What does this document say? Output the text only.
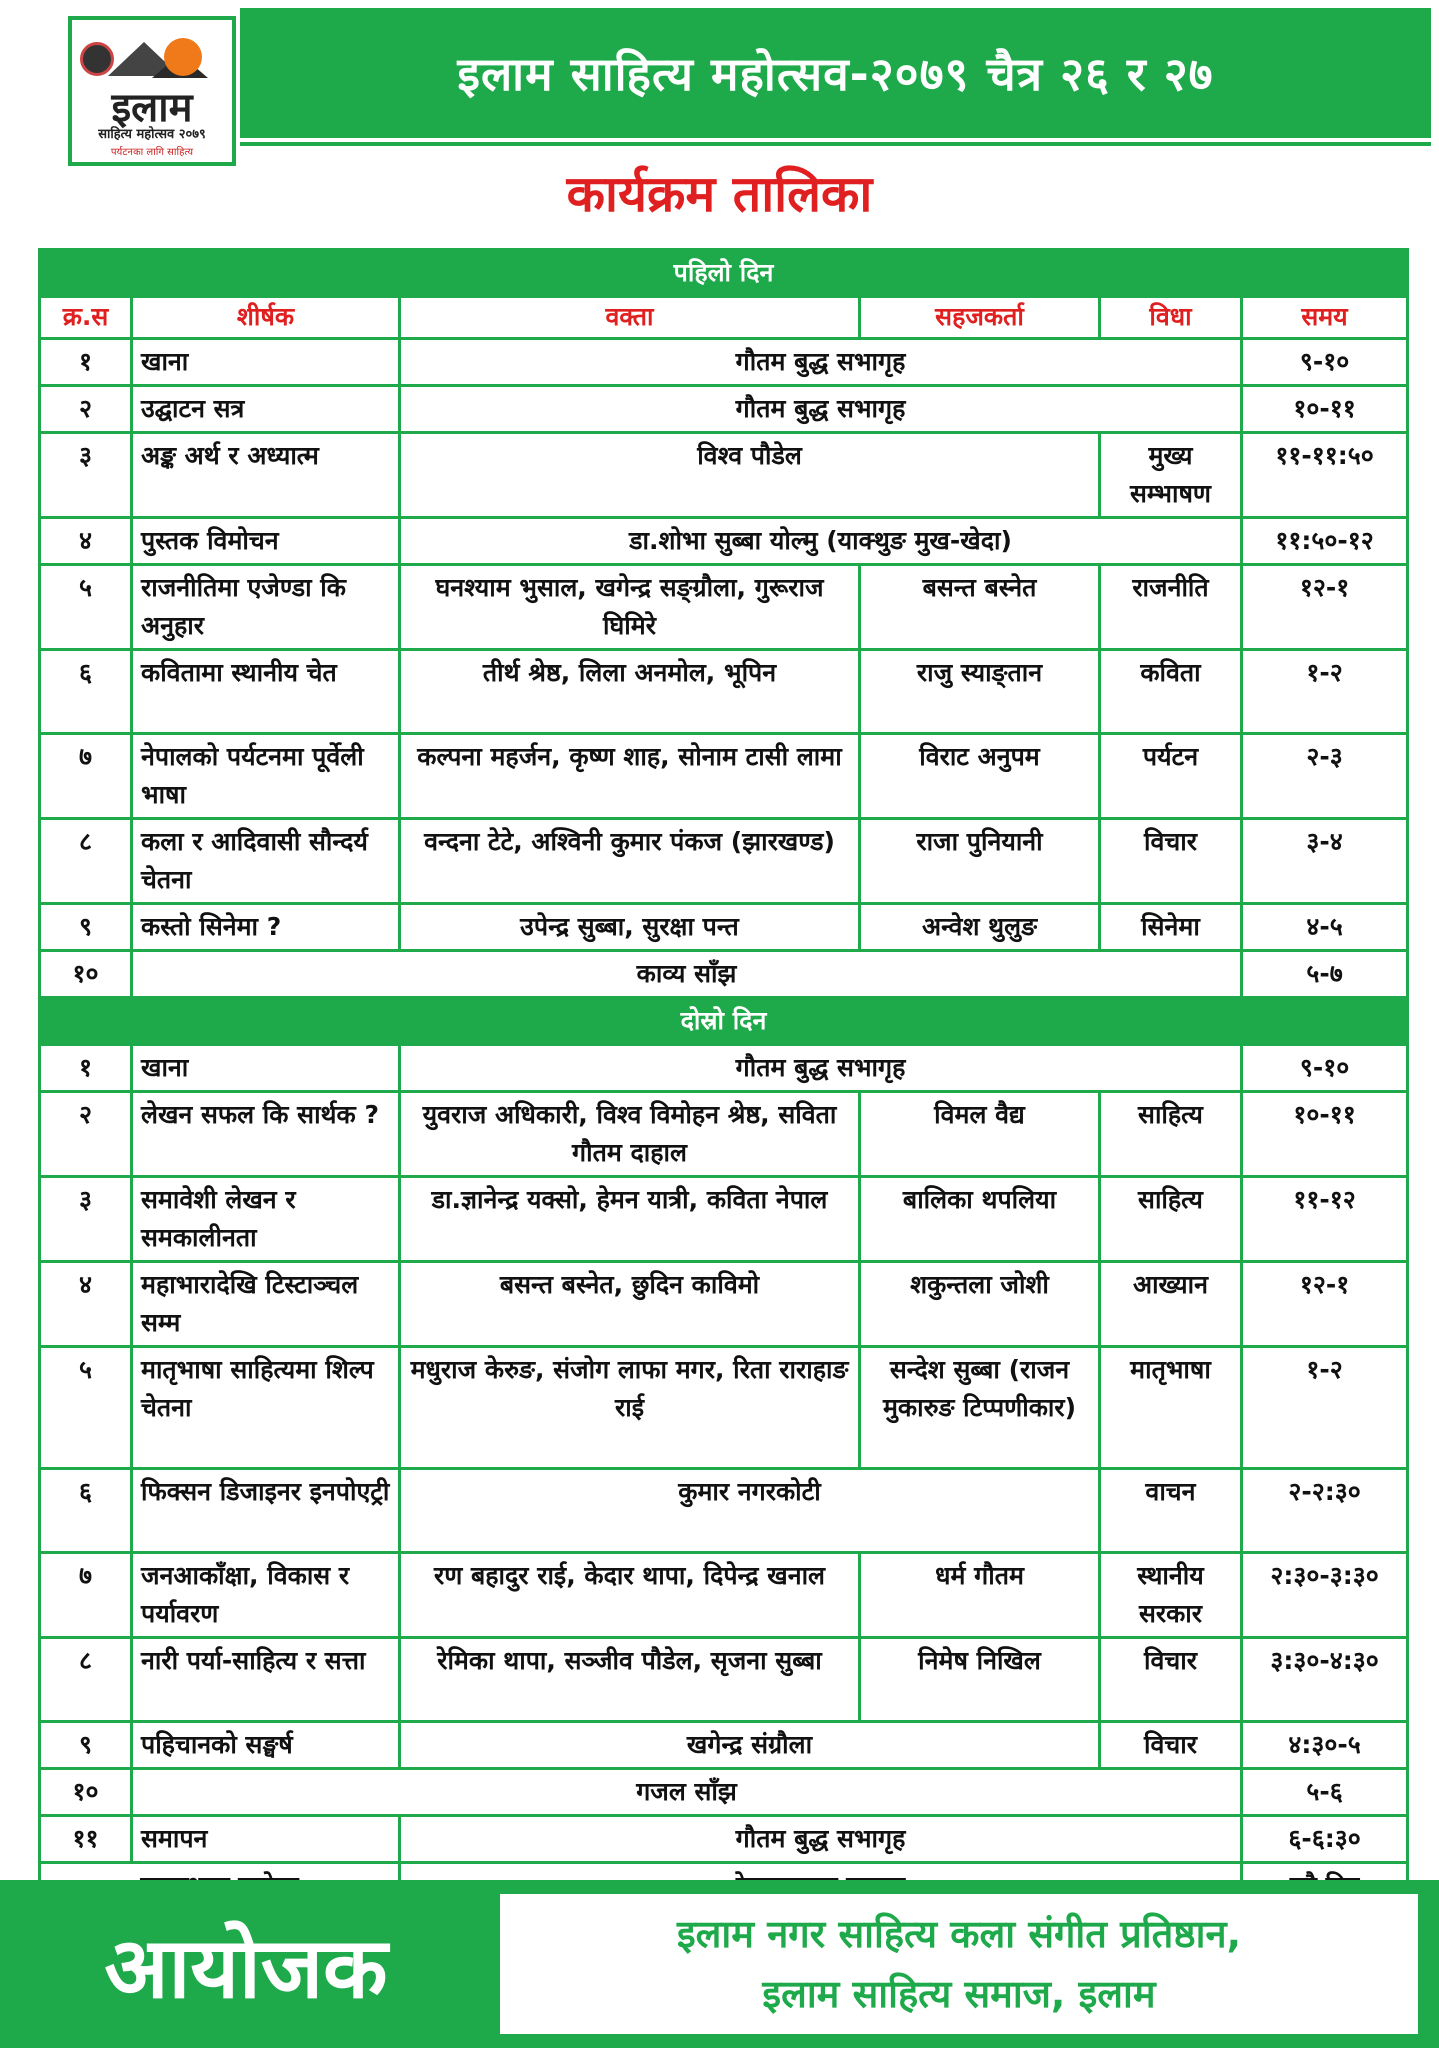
इलाम साहित्य महोत्सव-२०७९ चैत्र २६ र २७
इलाम
साहित्य महोत्सव २०७९
पर्यटनका लागि साहित्य
कार्यक्रम तालिका
पहिलो दिन					
क्र.स	शीर्षक	वक्ता	सहजकर्ता	विधा	समय
१	खाना	गौतम बुद्ध सभागृह			९-१०
२	उद्घाटन सत्र	गौतम बुद्ध सभागृह			१०-११
३	अङ्क अर्थ र अध्यात्म	विश्व पौडेल		मुख्य सम्भाषण	११-११:५०
४	पुस्तक विमोचन	डा.शोभा सुब्बा योल्मु (याक्थुङ मुख-खेदा)			११:५०-१२
५	राजनीतिमा एजेण्डा कि अनुहार	घनश्याम भुसाल, खगेन्द्र सङ्ग्रौला, गुरूराज घिमिरे	बसन्त बस्नेत	राजनीति	१२-१
६	कवितामा स्थानीय चेत	तीर्थ श्रेष्ठ, लिला अनमोल, भूपिन	राजु स्याङ्तान	कविता	१-२
७	नेपालको पर्यटनमा पूर्वेली भाषा	कल्पना महर्जन, कृष्ण शाह, सोनाम टासी लामा	विराट अनुपम	पर्यटन	२-३
८	कला र आदिवासी सौन्दर्य चेतना	वन्दना टेटे, अश्विनी कुमार पंकज (झारखण्ड)	राजा पुनियानी	विचार	३-४
९	कस्तो सिनेमा ?	उपेन्द्र सुब्बा, सुरक्षा पन्त	अन्वेश थुलुङ	सिनेमा	४-५
१०	काव्य साँझ				५-७
दोस्रो दिन					
१	खाना	गौतम बुद्ध सभागृह			९-१०
२	लेखन सफल कि सार्थक ?	युवराज अधिकारी, विश्व विमोहन श्रेष्ठ, सविता गौतम दाहाल	विमल वैद्य	साहित्य	१०-११
३	समावेशी लेखन र समकालीनता	डा.ज्ञानेन्द्र यक्सो, हेमन यात्री, कविता नेपाल	बालिका थपलिया	साहित्य	११-१२
४	महाभारादेखि टिस्टाञ्चल सम्म	बसन्त बस्नेत, छुदिन काविमो	शकुन्तला जोशी	आख्यान	१२-१
५	मातृभाषा साहित्यमा शिल्प चेतना	मधुराज केरुङ, संजोग लाफा मगर, रिता राराहाङ राई	सन्देश सुब्बा (राजन मुकारुङ टिप्पणीकार)	मातृभाषा	१-२
६	फिक्सन डिजाइनर इनपोएट्री	कुमार नगरकोटी		वाचन	२-२:३०
७	जनआकाँक्षा, विकास र पर्यावरण	रण बहादुर राई, केदार थापा, दिपेन्द्र खनाल	धर्म गौतम	स्थानीय सरकार	२:३०-३:३०
८	नारी पर्या-साहित्य र सत्ता	रेमिका थापा, सञ्जीव पौडेल, सृजना सुब्बा	निमेष निखिल	विचार	३:३०-४:३०
९	पहिचानको सङ्घर्ष	खगेन्द्र संग्रौला		विचार	४:३०-५
१०	गजल साँझ				५-६
११	समापन	गौतम बुद्ध सभागृह			६-६:३०

आयोजक	इलाम नगर साहित्य कला संगीत प्रतिष्ठान,
इलाम साहित्य समाज, इलाम
